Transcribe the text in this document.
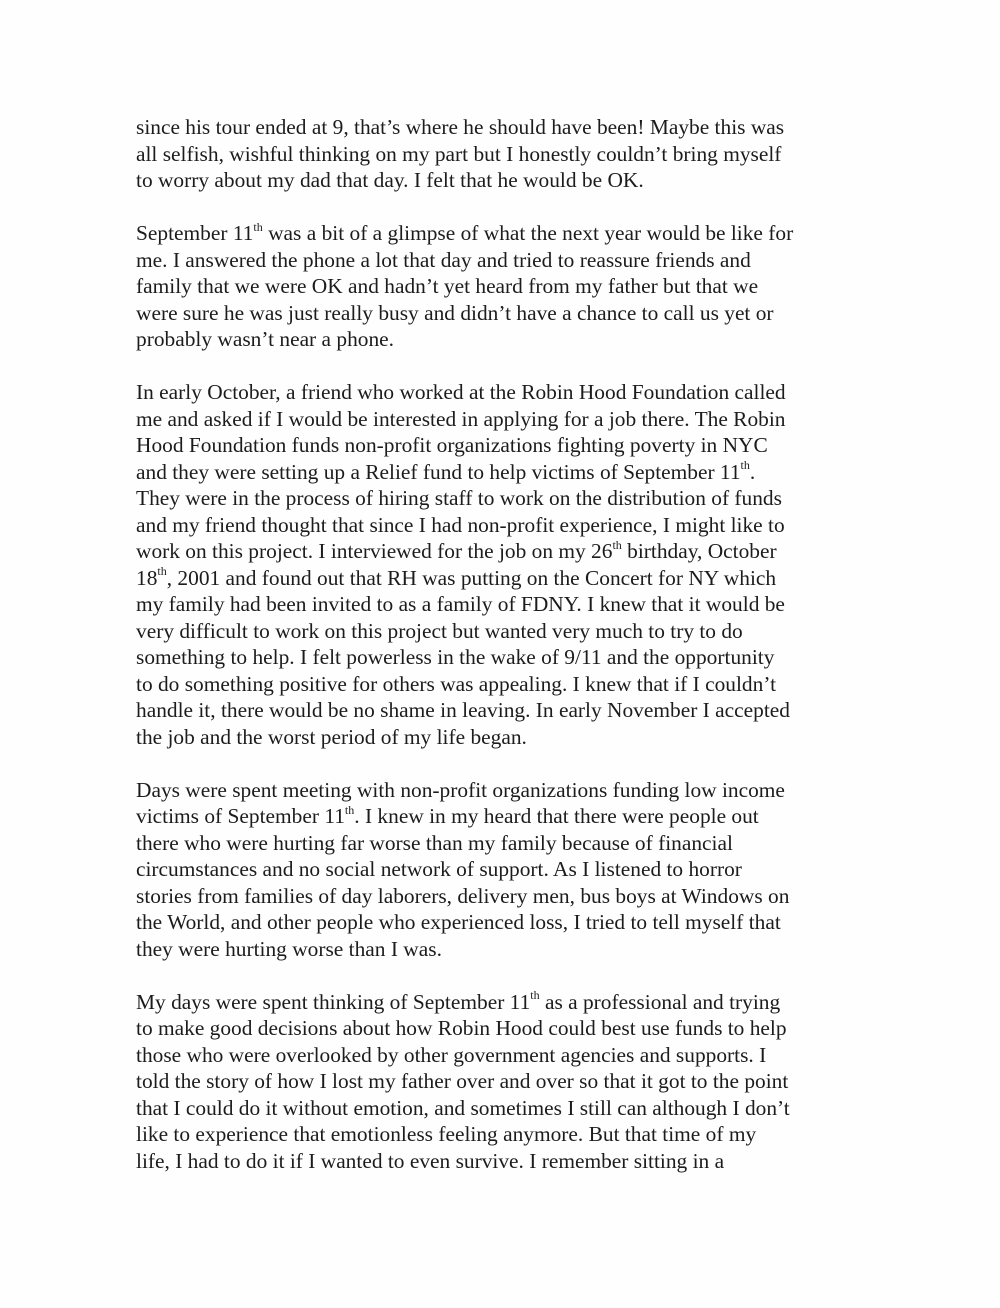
since his tour ended at 9, that’s where he should have been! Maybe this was
all selfish, wishful thinking on my part but I honestly couldn’t bring myself
to worry about my dad that day. I felt that he would be OK.

September 11th was a bit of a glimpse of what the next year would be like for
me. I answered the phone a lot that day and tried to reassure friends and
family that we were OK and hadn’t yet heard from my father but that we
were sure he was just really busy and didn’t have a chance to call us yet or
probably wasn’t near a phone.

In early October, a friend who worked at the Robin Hood Foundation called
me and asked if I would be interested in applying for a job there. The Robin
Hood Foundation funds non-profit organizations fighting poverty in NYC
and they were setting up a Relief fund to help victims of September 11th.
They were in the process of hiring staff to work on the distribution of funds
and my friend thought that since I had non-profit experience, I might like to
work on this project. I interviewed for the job on my 26th birthday, October
18th, 2001 and found out that RH was putting on the Concert for NY which
my family had been invited to as a family of FDNY. I knew that it would be
very difficult to work on this project but wanted very much to try to do
something to help. I felt powerless in the wake of 9/11 and the opportunity
to do something positive for others was appealing. I knew that if I couldn’t
handle it, there would be no shame in leaving. In early November I accepted
the job and the worst period of my life began.

Days were spent meeting with non-profit organizations funding low income
victims of September 11th. I knew in my heard that there were people out
there who were hurting far worse than my family because of financial
circumstances and no social network of support. As I listened to horror
stories from families of day laborers, delivery men, bus boys at Windows on
the World, and other people who experienced loss, I tried to tell myself that
they were hurting worse than I was.

My days were spent thinking of September 11th as a professional and trying
to make good decisions about how Robin Hood could best use funds to help
those who were overlooked by other government agencies and supports. I
told the story of how I lost my father over and over so that it got to the point
that I could do it without emotion, and sometimes I still can although I don’t
like to experience that emotionless feeling anymore. But that time of my
life, I had to do it if I wanted to even survive. I remember sitting in a
